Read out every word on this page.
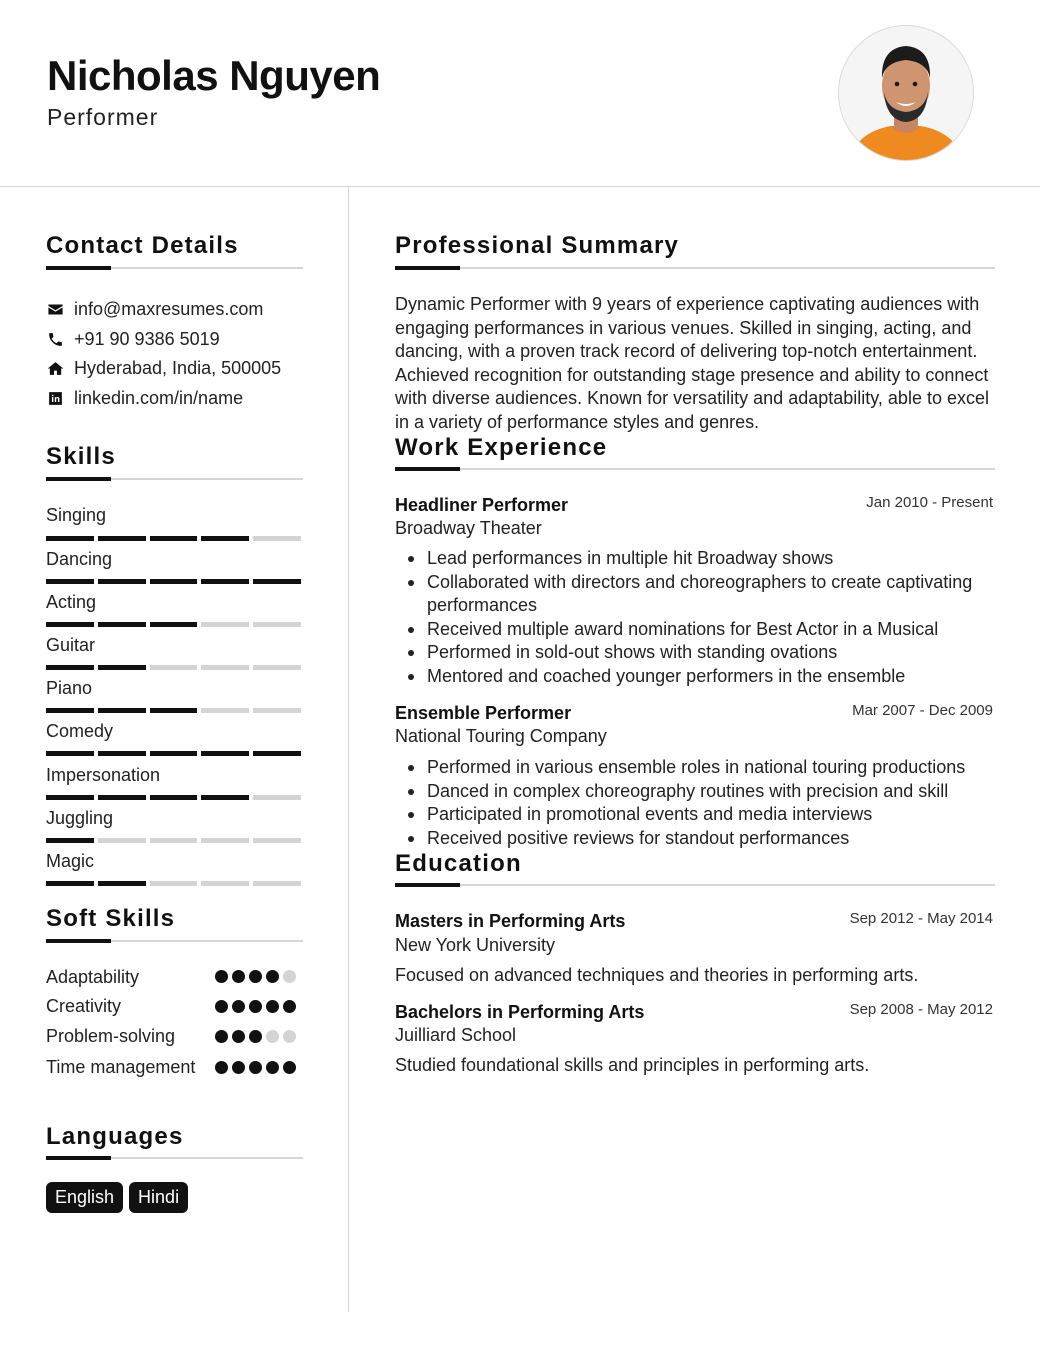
Nicholas Nguyen
Performer
Contact Details
info@maxresumes.com
+91 90 9386 5019
Hyderabad, India, 500005
linkedin.com/in/name
Skills
Singing
Dancing
Acting
Guitar
Piano
Comedy
Impersonation
Juggling
Magic
Soft Skills
Adaptability
Creativity
Problem-solving
Time management
Languages
English	Hindi
Professional Summary
Dynamic Performer with 9 years of experience captivating audiences with engaging performances in various venues. Skilled in singing, acting, and dancing, with a proven track record of delivering top-notch entertainment. Achieved recognition for outstanding stage presence and ability to connect with diverse audiences. Known for versatility and adaptability, able to excel in a variety of performance styles and genres.
Work Experience
Headliner Performer	Jan 2010 - Present
Broadway Theater
Lead performances in multiple hit Broadway shows
Collaborated with directors and choreographers to create captivating performances
Received multiple award nominations for Best Actor in a Musical
Performed in sold-out shows with standing ovations
Mentored and coached younger performers in the ensemble
Ensemble Performer	Mar 2007 - Dec 2009
National Touring Company
Performed in various ensemble roles in national touring productions
Danced in complex choreography routines with precision and skill
Participated in promotional events and media interviews
Received positive reviews for standout performances
Education
Masters in Performing Arts	Sep 2012 - May 2014
New York University
Focused on advanced techniques and theories in performing arts.
Bachelors in Performing Arts	Sep 2008 - May 2012
Juilliard School
Studied foundational skills and principles in performing arts.
